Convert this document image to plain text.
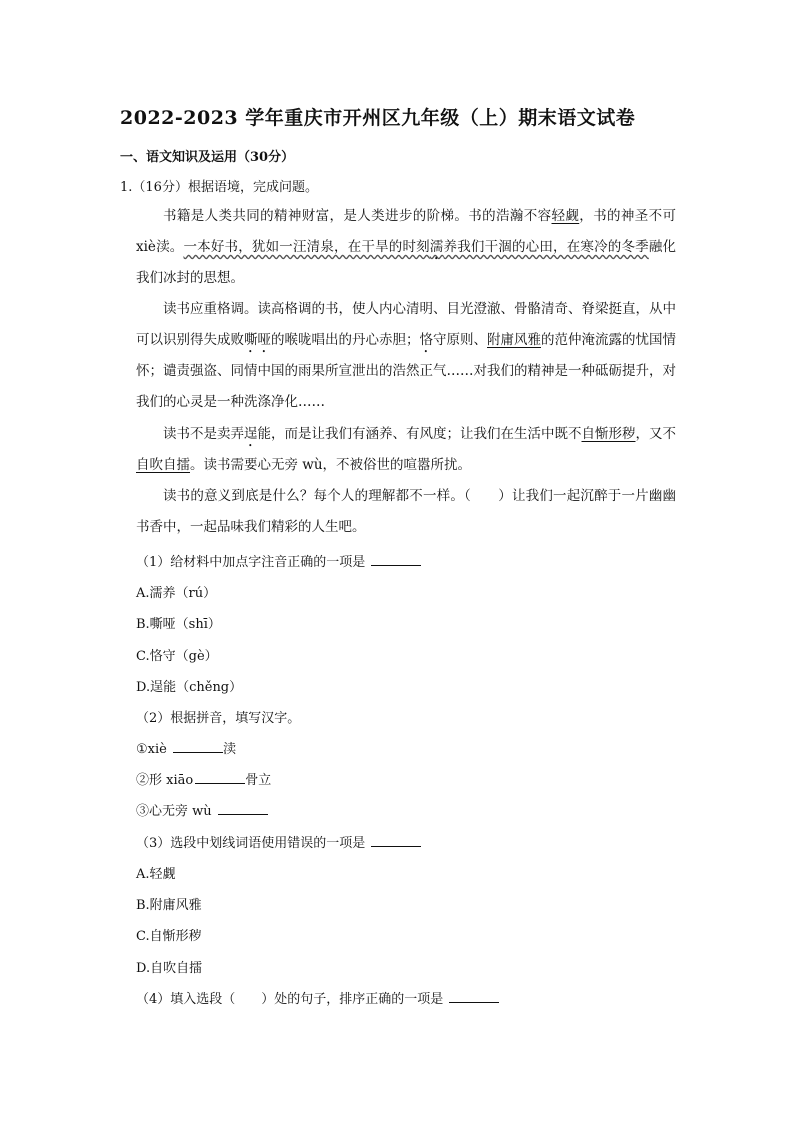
2022-2023 学年重庆市开州区九年级（上）期末语文试卷
一、语文知识及运用（30分）
1.（16分）根据语境，完成问题。
书籍是人类共同的精神财富，是人类进步的阶梯。书的浩瀚不容轻觑，书的神圣不可 xiè渎。一本好书，犹如一汪清泉，在干旱的时刻濡养我们干涸的心田，在寒冷的冬季融化我们冰封的思想。
读书应重格调。读高格调的书，使人内心清明、目光澄澈、骨骼清奇、脊梁挺直，从中可以识别得失成败嘶哑的喉咙唱出的丹心赤胆；恪守原则、附庸风雅的范仲淹流露的忧国情怀；谴责强盗、同情中国的雨果所宣泄出的浩然正气……对我们的精神是一种砥砺提升，对我们的心灵是一种洗涤净化……
读书不是卖弄逞能，而是让我们有涵养、有风度；让我们在生活中既不自惭形秽，又不自吹自擂。读书需要心无旁 wù，不被俗世的喧嚣所扰。
读书的意义到底是什么？每个人的理解都不一样。（　　）让我们一起沉醉于一片幽幽书香中，一起品味我们精彩的人生吧。
（1）给材料中加点字注音正确的一项是
A.濡养（rú）
B.嘶哑（shī）
C.恪守（gè）
D.逞能（chěng）
（2）根据拼音，填写汉字。
①xiè	渎
②形 xiāo	骨立
③心无旁 wù
（3）选段中划线词语使用错误的一项是
A.轻觑
B.附庸风雅
C.自惭形秽
D.自吹自擂
（4）填入选段（　　）处的句子，排序正确的一项是
